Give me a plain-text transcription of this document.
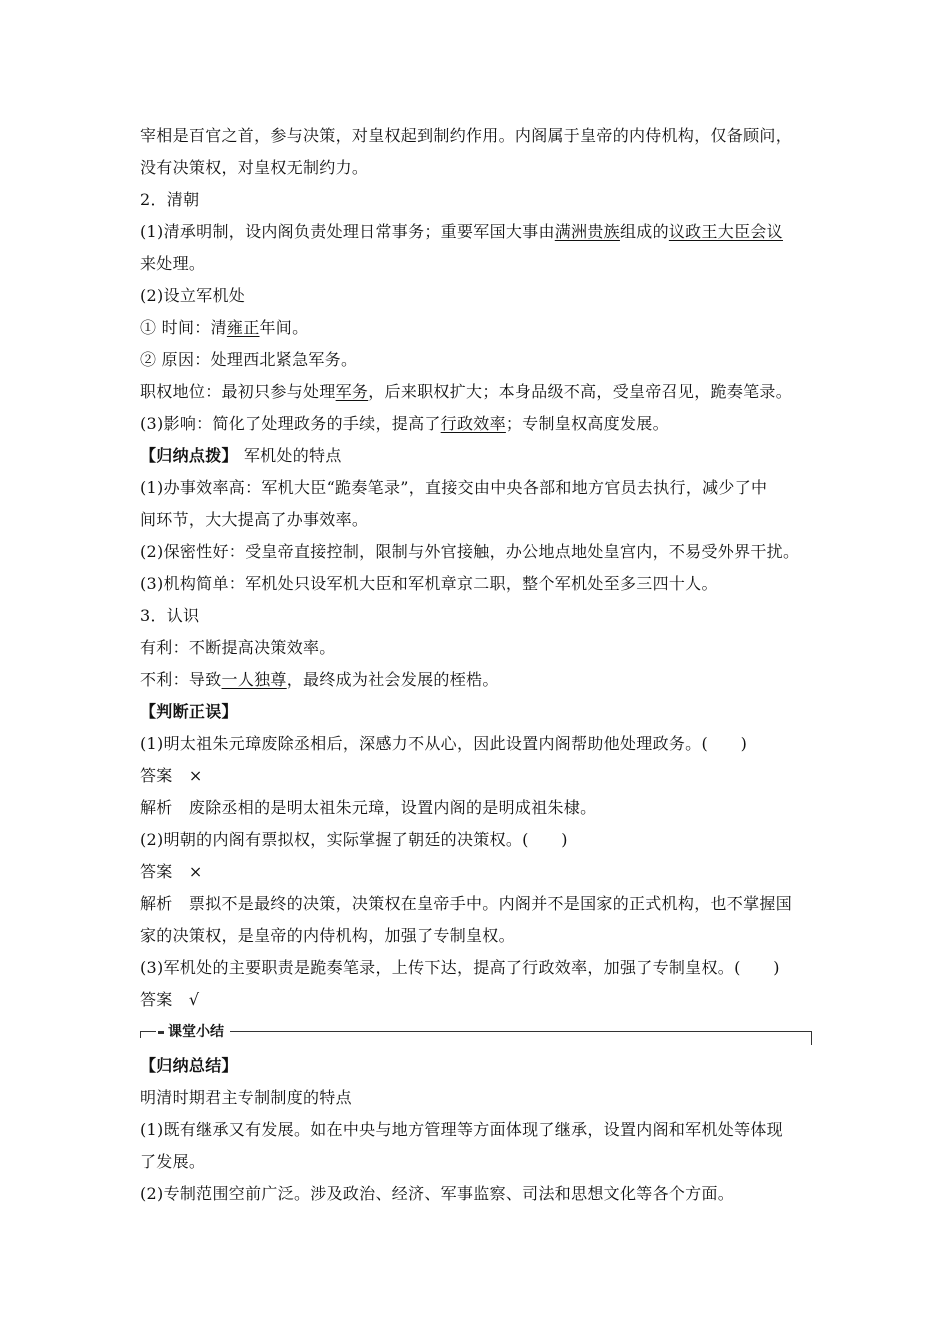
宰相是百官之首，参与决策，对皇权起到制约作用。内阁属于皇帝的内侍机构，仅备顾问，
没有决策权，对皇权无制约力。
2．清朝
(1)清承明制，设内阁负责处理日常事务；重要军国大事由满洲贵族组成的议政王大臣会议
来处理。
(2)设立军机处
① 时间：清雍正年间。
② 原因：处理西北紧急军务。
职权地位：最初只参与处理军务，后来职权扩大；本身品级不高，受皇帝召见，跪奏笔录。
(3)影响：简化了处理政务的手续，提高了行政效率；专制皇权高度发展。
【归纳点拨】 军机处的特点
(1)办事效率高：军机大臣“跪奏笔录”，直接交由中央各部和地方官员去执行，减少了中
间环节，大大提高了办事效率。
(2)保密性好：受皇帝直接控制，限制与外官接触，办公地点地处皇宫内，不易受外界干扰。
(3)机构简单：军机处只设军机大臣和军机章京二职，整个军机处至多三四十人。
3．认识
有利：不断提高决策效率。
不利：导致一人独尊，最终成为社会发展的桎梏。
【判断正误】
(1)明太祖朱元璋废除丞相后，深感力不从心，因此设置内阁帮助他处理政务。(　　)
答案　×
解析　废除丞相的是明太祖朱元璋，设置内阁的是明成祖朱棣。
(2)明朝的内阁有票拟权，实际掌握了朝廷的决策权。(　　)
答案　×
解析　票拟不是最终的决策，决策权在皇帝手中。内阁并不是国家的正式机构，也不掌握国
家的决策权，是皇帝的内侍机构，加强了专制皇权。
(3)军机处的主要职责是跪奏笔录，上传下达，提高了行政效率，加强了专制皇权。(　　)
答案　√
课堂小结
【归纳总结】
明清时期君主专制制度的特点
(1)既有继承又有发展。如在中央与地方管理等方面体现了继承，设置内阁和军机处等体现
了发展。
(2)专制范围空前广泛。涉及政治、经济、军事监察、司法和思想文化等各个方面。
